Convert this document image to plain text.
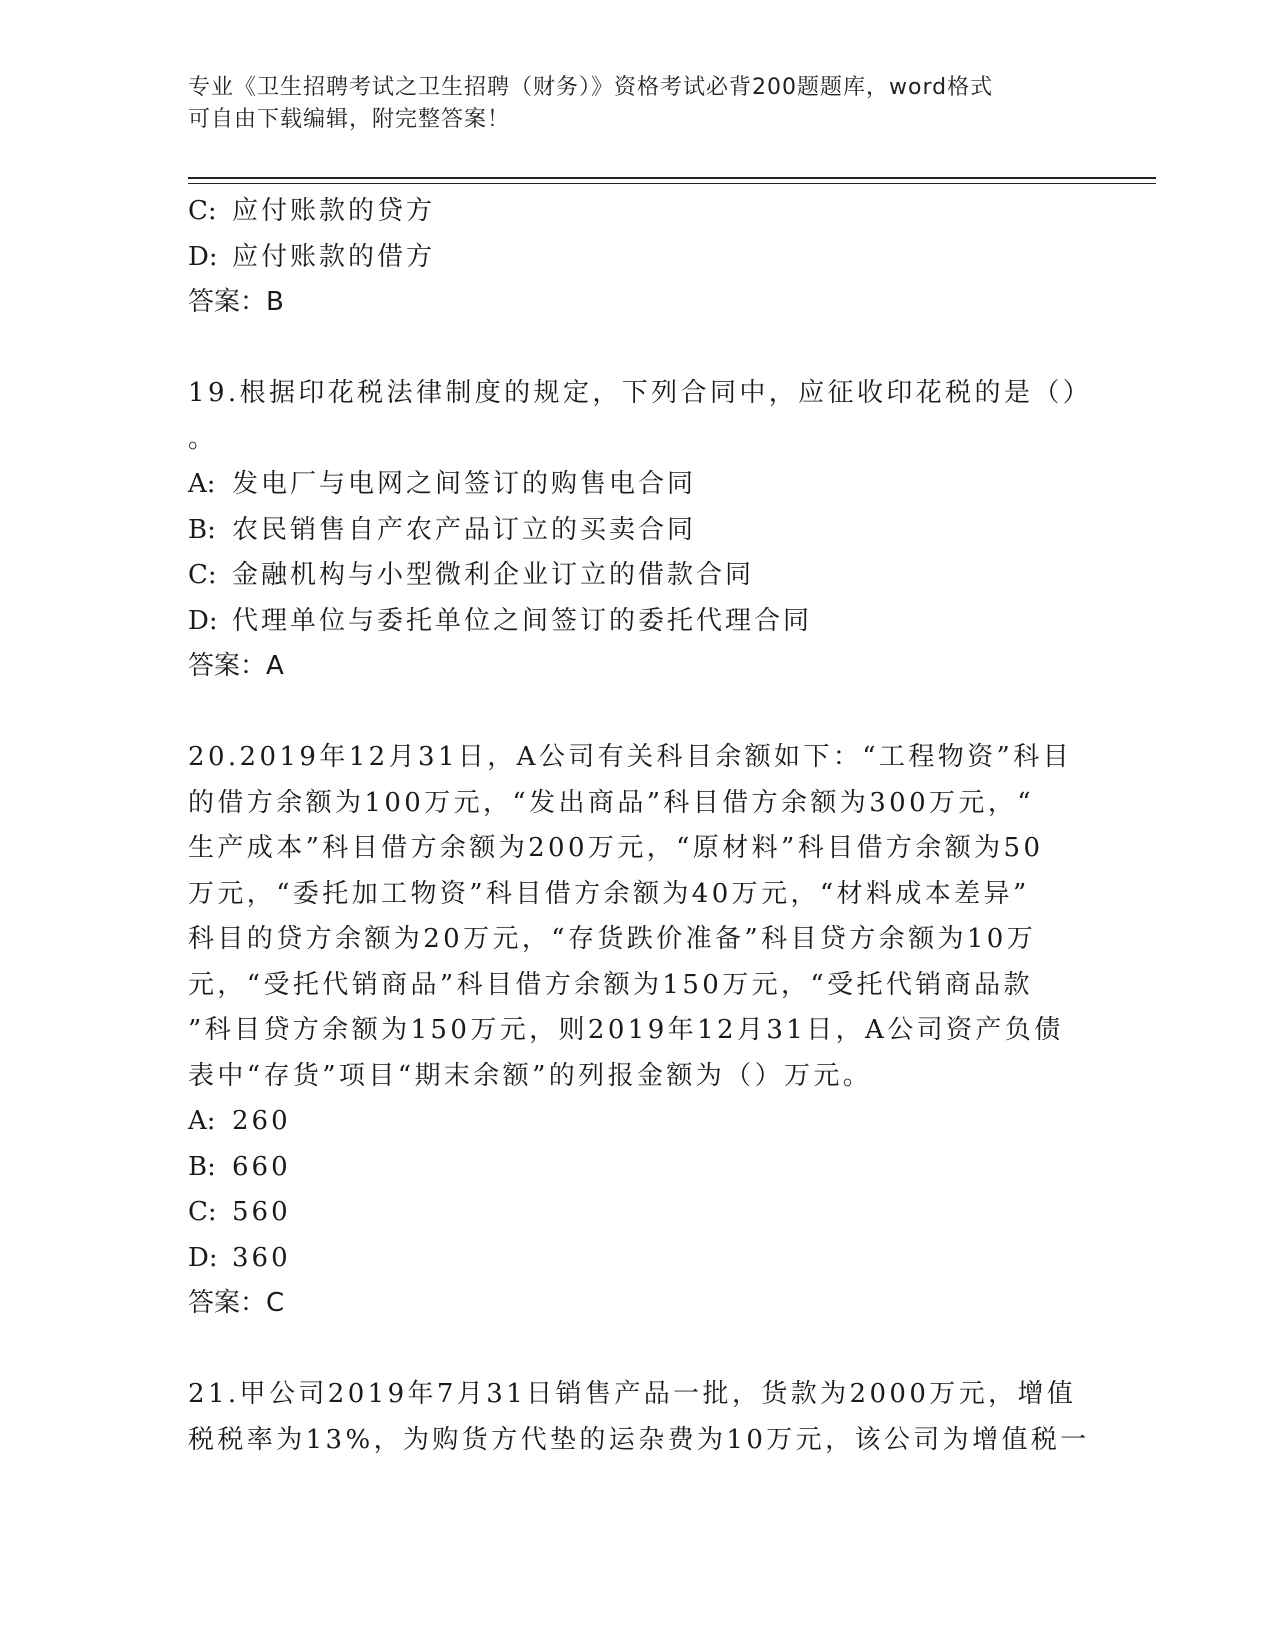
专业《卫生招聘考试之卫生招聘（财务）》资格考试必背200题题库，word格式
可自由下载编辑，附完整答案！
C: 应付账款的贷方
D: 应付账款的借方
答案：B
19.根据印花税法律制度的规定，下列合同中，应征收印花税的是（）
。
A: 发电厂与电网之间签订的购售电合同
B: 农民销售自产农产品订立的买卖合同
C: 金融机构与小型微利企业订立的借款合同
D: 代理单位与委托单位之间签订的委托代理合同
答案：A
20.2019年12月31日，A公司有关科目余额如下：“工程物资”科目
的借方余额为100万元，“发出商品”科目借方余额为300万元，“
生产成本”科目借方余额为200万元，“原材料”科目借方余额为50
万元，“委托加工物资”科目借方余额为40万元，“材料成本差异”
科目的贷方余额为20万元，“存货跌价准备”科目贷方余额为10万
元，“受托代销商品”科目借方余额为150万元，“受托代销商品款
”科目贷方余额为150万元，则2019年12月31日，A公司资产负债
表中“存货”项目“期末余额”的列报金额为（）万元。
A: 260
B: 660
C: 560
D: 360
答案：C
21.甲公司2019年7月31日销售产品一批，货款为2000万元，增值
税税率为13%，为购货方代垫的运杂费为10万元，该公司为增值税一
